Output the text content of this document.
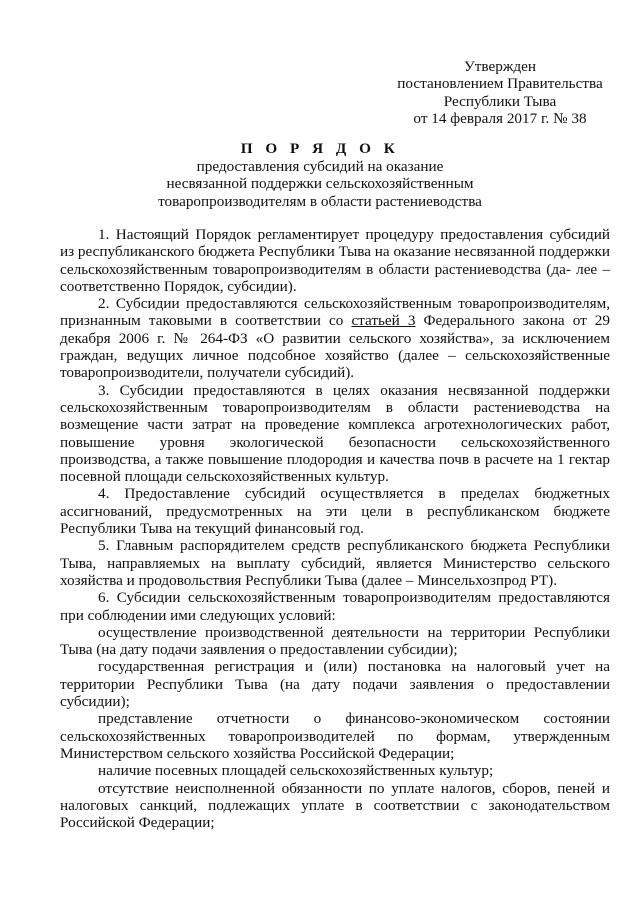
Утвержден
постановлением Правительства
Республики Тыва
от 14 февраля 2017 г. № 38
П О Р Я Д О К
предоставления субсидий на оказание
несвязанной поддержки сельскохозяйственным
товаропроизводителям в области растениеводства

1. Настоящий Порядок регламентирует процедуру предоставления субсидий из республиканского бюджета Республики Тыва на оказание несвязанной поддержки сельскохозяйственным товаропроизводителям в области растениеводства (да- лее – соответственно Порядок, субсидии).

2. Субсидии предоставляются сельскохозяйственным товаропроизводителям, признанным таковыми в соответствии со статьей 3 Федерального закона от 29 декабря 2006 г. № 264-ФЗ «О развитии сельского хозяйства», за исключением граждан, ведущих личное подсобное хозяйство (далее – сельскохозяйственные товаропроизводители, получатели субсидий).

3. Субсидии предоставляются в целях оказания несвязанной поддержки сельскохозяйственным товаропроизводителям в области растениеводства на возмещение части затрат на проведение комплекса агротехнологических работ, повышение уровня экологической безопасности сельскохозяйственного производства, а также повышение плодородия и качества почв в расчете на 1 гектар посевной площади сельскохозяйственных культур.

4. Предоставление субсидий осуществляется в пределах бюджетных ассигнований, предусмотренных на эти цели в республиканском бюджете Республики Тыва на текущий финансовый год.

5. Главным распорядителем средств республиканского бюджета Республики Тыва, направляемых на выплату субсидий, является Министерство сельского хозяйства и продовольствия Республики Тыва (далее – Минсельхозпрод РТ).

6. Субсидии сельскохозяйственным товаропроизводителям предоставляются при соблюдении ими следующих условий:

осуществление производственной деятельности на территории Республики Тыва (на дату подачи заявления о предоставлении субсидии);

государственная регистрация и (или) постановка на налоговый учет на территории Республики Тыва (на дату подачи заявления о предоставлении субсидии);

представление отчетности о финансово-экономическом состоянии сельскохозяйственных товаропроизводителей по формам, утвержденным Министерством сельского хозяйства Российской Федерации;

наличие посевных площадей сельскохозяйственных культур;

отсутствие неисполненной обязанности по уплате налогов, сборов, пеней и налоговых санкций, подлежащих уплате в соответствии с законодательством Российской Федерации;
